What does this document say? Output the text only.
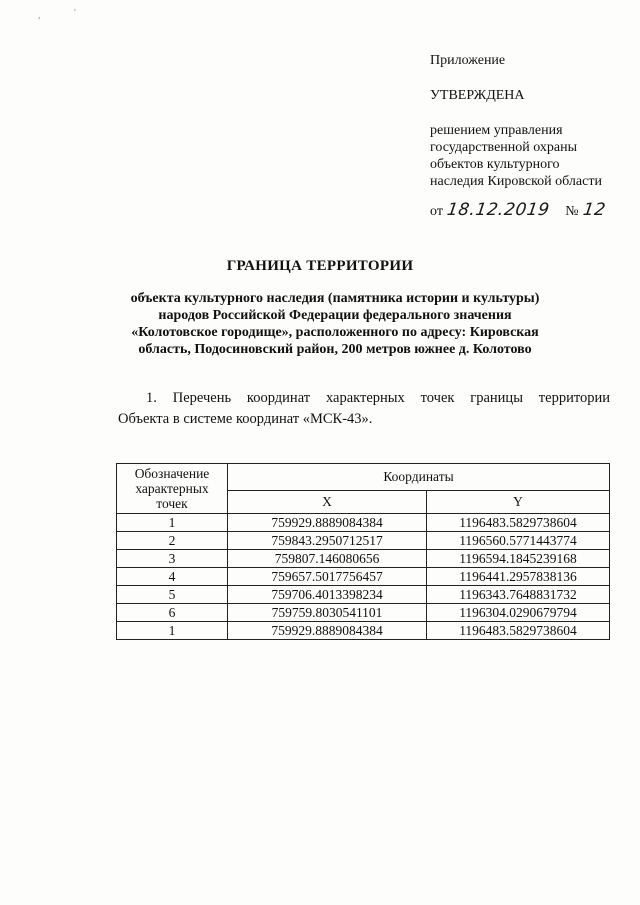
,	'
Приложение
УТВЕРЖДЕНА
решением управления
государственной охраны
объектов культурного
наследия Кировской области
от 18.12.2019 № 12
ГРАНИЦА ТЕРРИТОРИИ
объекта культурного наследия (памятника истории и культуры)
народов Российской Федерации федерального значения
«Колотовское городище», расположенного по адресу: Кировская
область, Подосиновский район, 200 метров южнее д. Колотово
1. Перечень координат характерных точек границы территории
Объекта в системе координат «МСК-43».
Обозначение
характерных
точек	Координаты	
	X	Y
1	759929.8889084384	1196483.5829738604
2	759843.2950712517	1196560.5771443774
3	759807.146080656	1196594.1845239168
4	759657.5017756457	1196441.2957838136
5	759706.4013398234	1196343.7648831732
6	759759.8030541101	1196304.0290679794
1	759929.8889084384	1196483.5829738604
